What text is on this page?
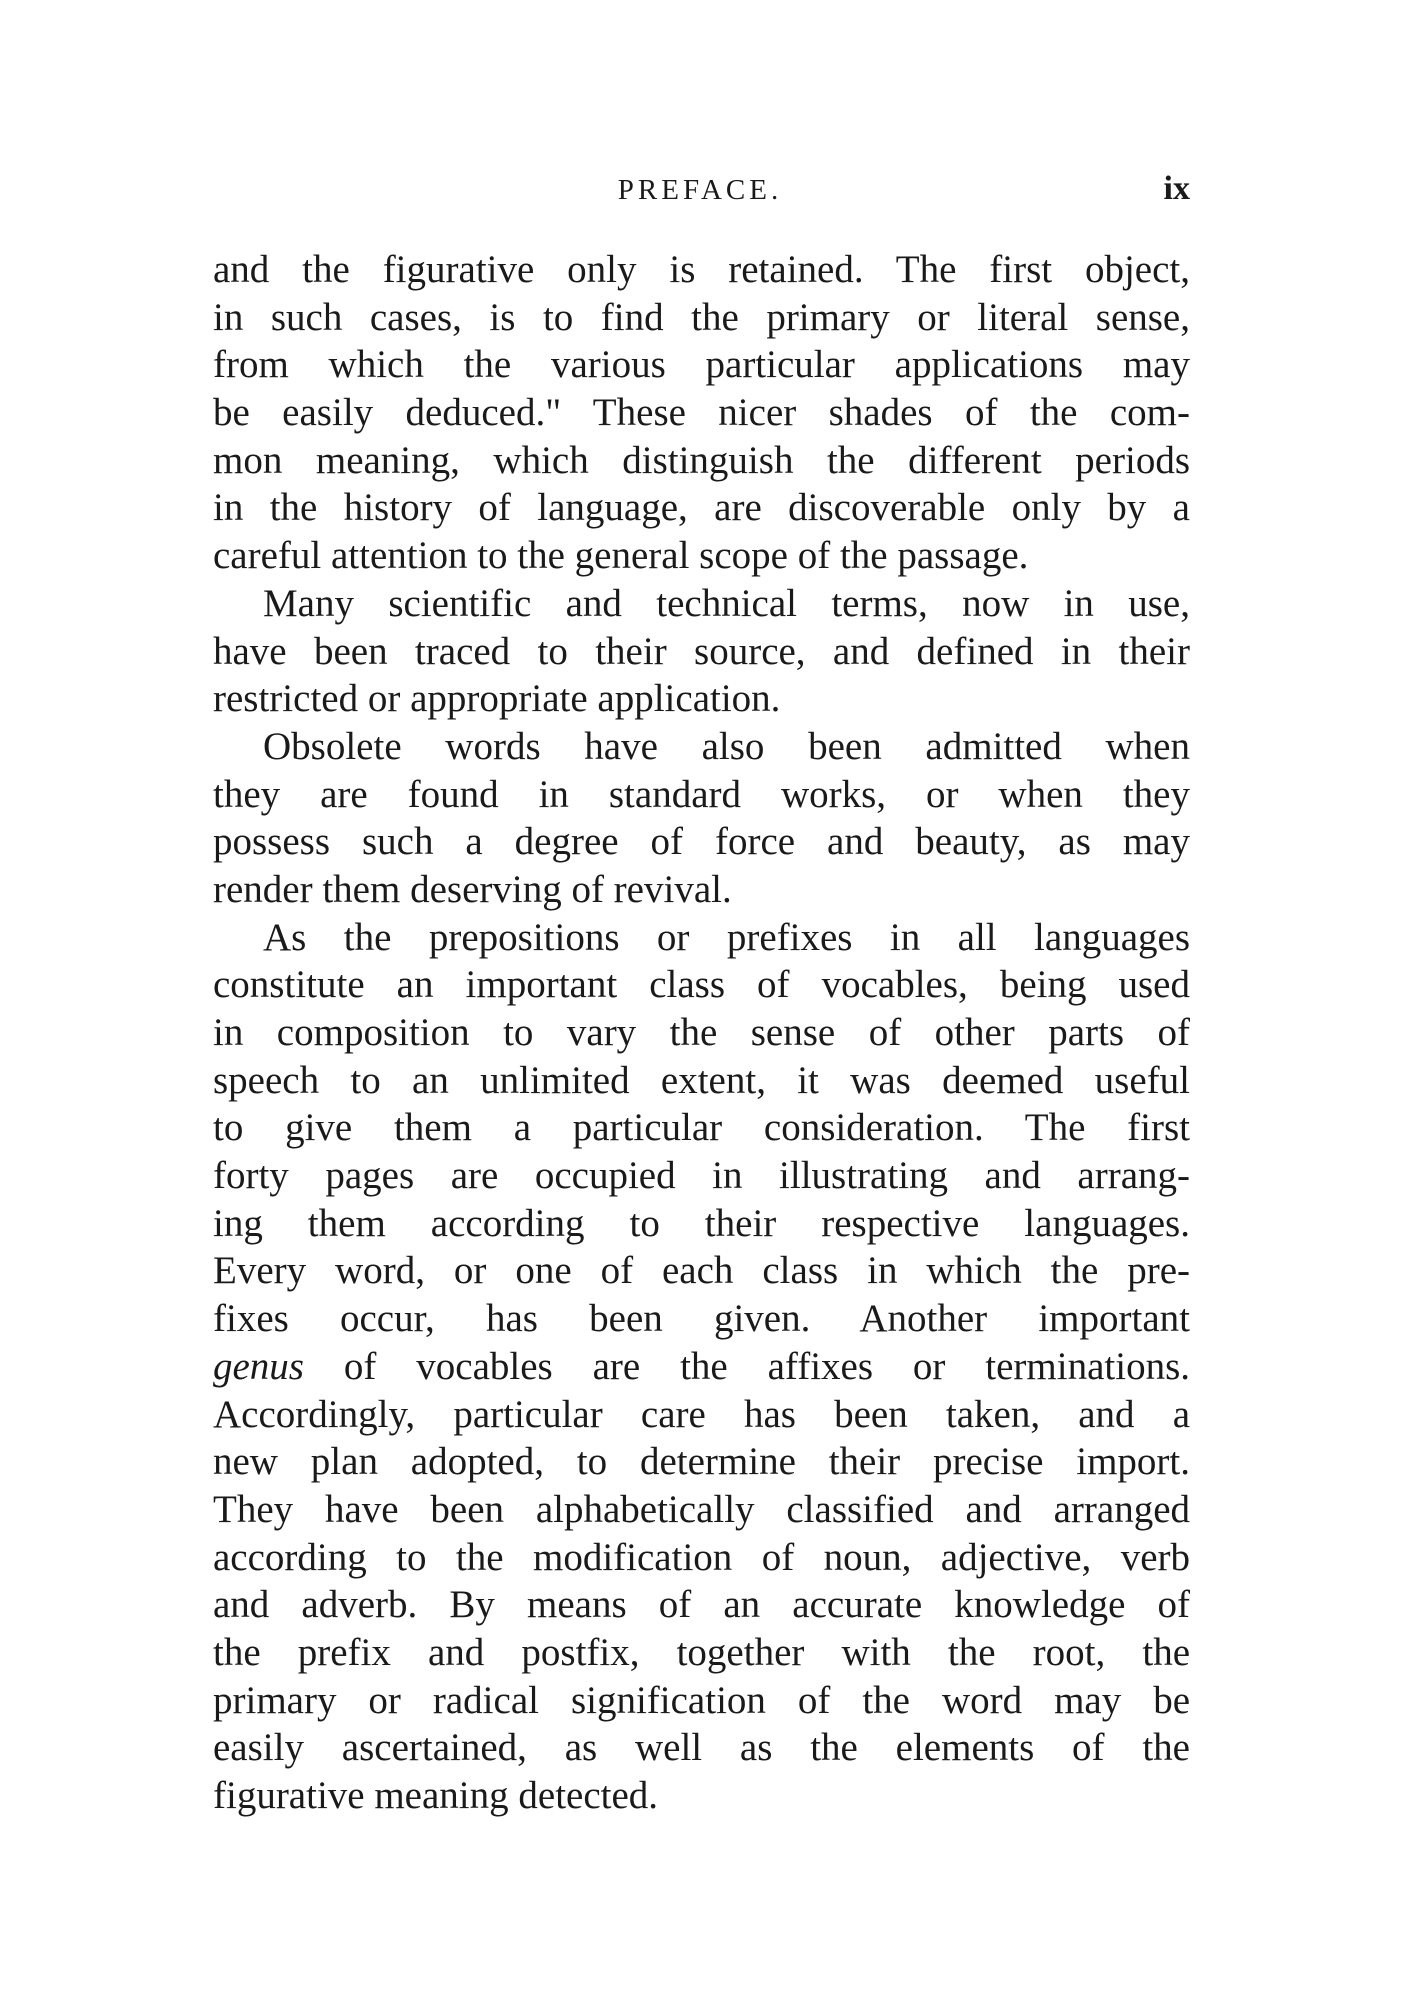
PREFACE.	ix
and the figurative only is retained. The first object,
in such cases, is to find the primary or literal sense,
from which the various particular applications may
be easily deduced." These nicer shades of the com-
mon meaning, which distinguish the different periods
in the history of language, are discoverable only by a
careful attention to the general scope of the passage.
Many scientific and technical terms, now in use,
have been traced to their source, and defined in their
restricted or appropriate application.
Obsolete words have also been admitted when
they are found in standard works, or when they
possess such a degree of force and beauty, as may
render them deserving of revival.
As the prepositions or prefixes in all languages
constitute an important class of vocables, being used
in composition to vary the sense of other parts of
speech to an unlimited extent, it was deemed useful
to give them a particular consideration. The first
forty pages are occupied in illustrating and arrang-
ing them according to their respective languages.
Every word, or one of each class in which the pre-
fixes occur, has been given. Another important
genus of vocables are the affixes or terminations.
Accordingly, particular care has been taken, and a
new plan adopted, to determine their precise import.
They have been alphabetically classified and arranged
according to the modification of noun, adjective, verb
and adverb. By means of an accurate knowledge of
the prefix and postfix, together with the root, the
primary or radical signification of the word may be
easily ascertained, as well as the elements of the
figurative meaning detected.
